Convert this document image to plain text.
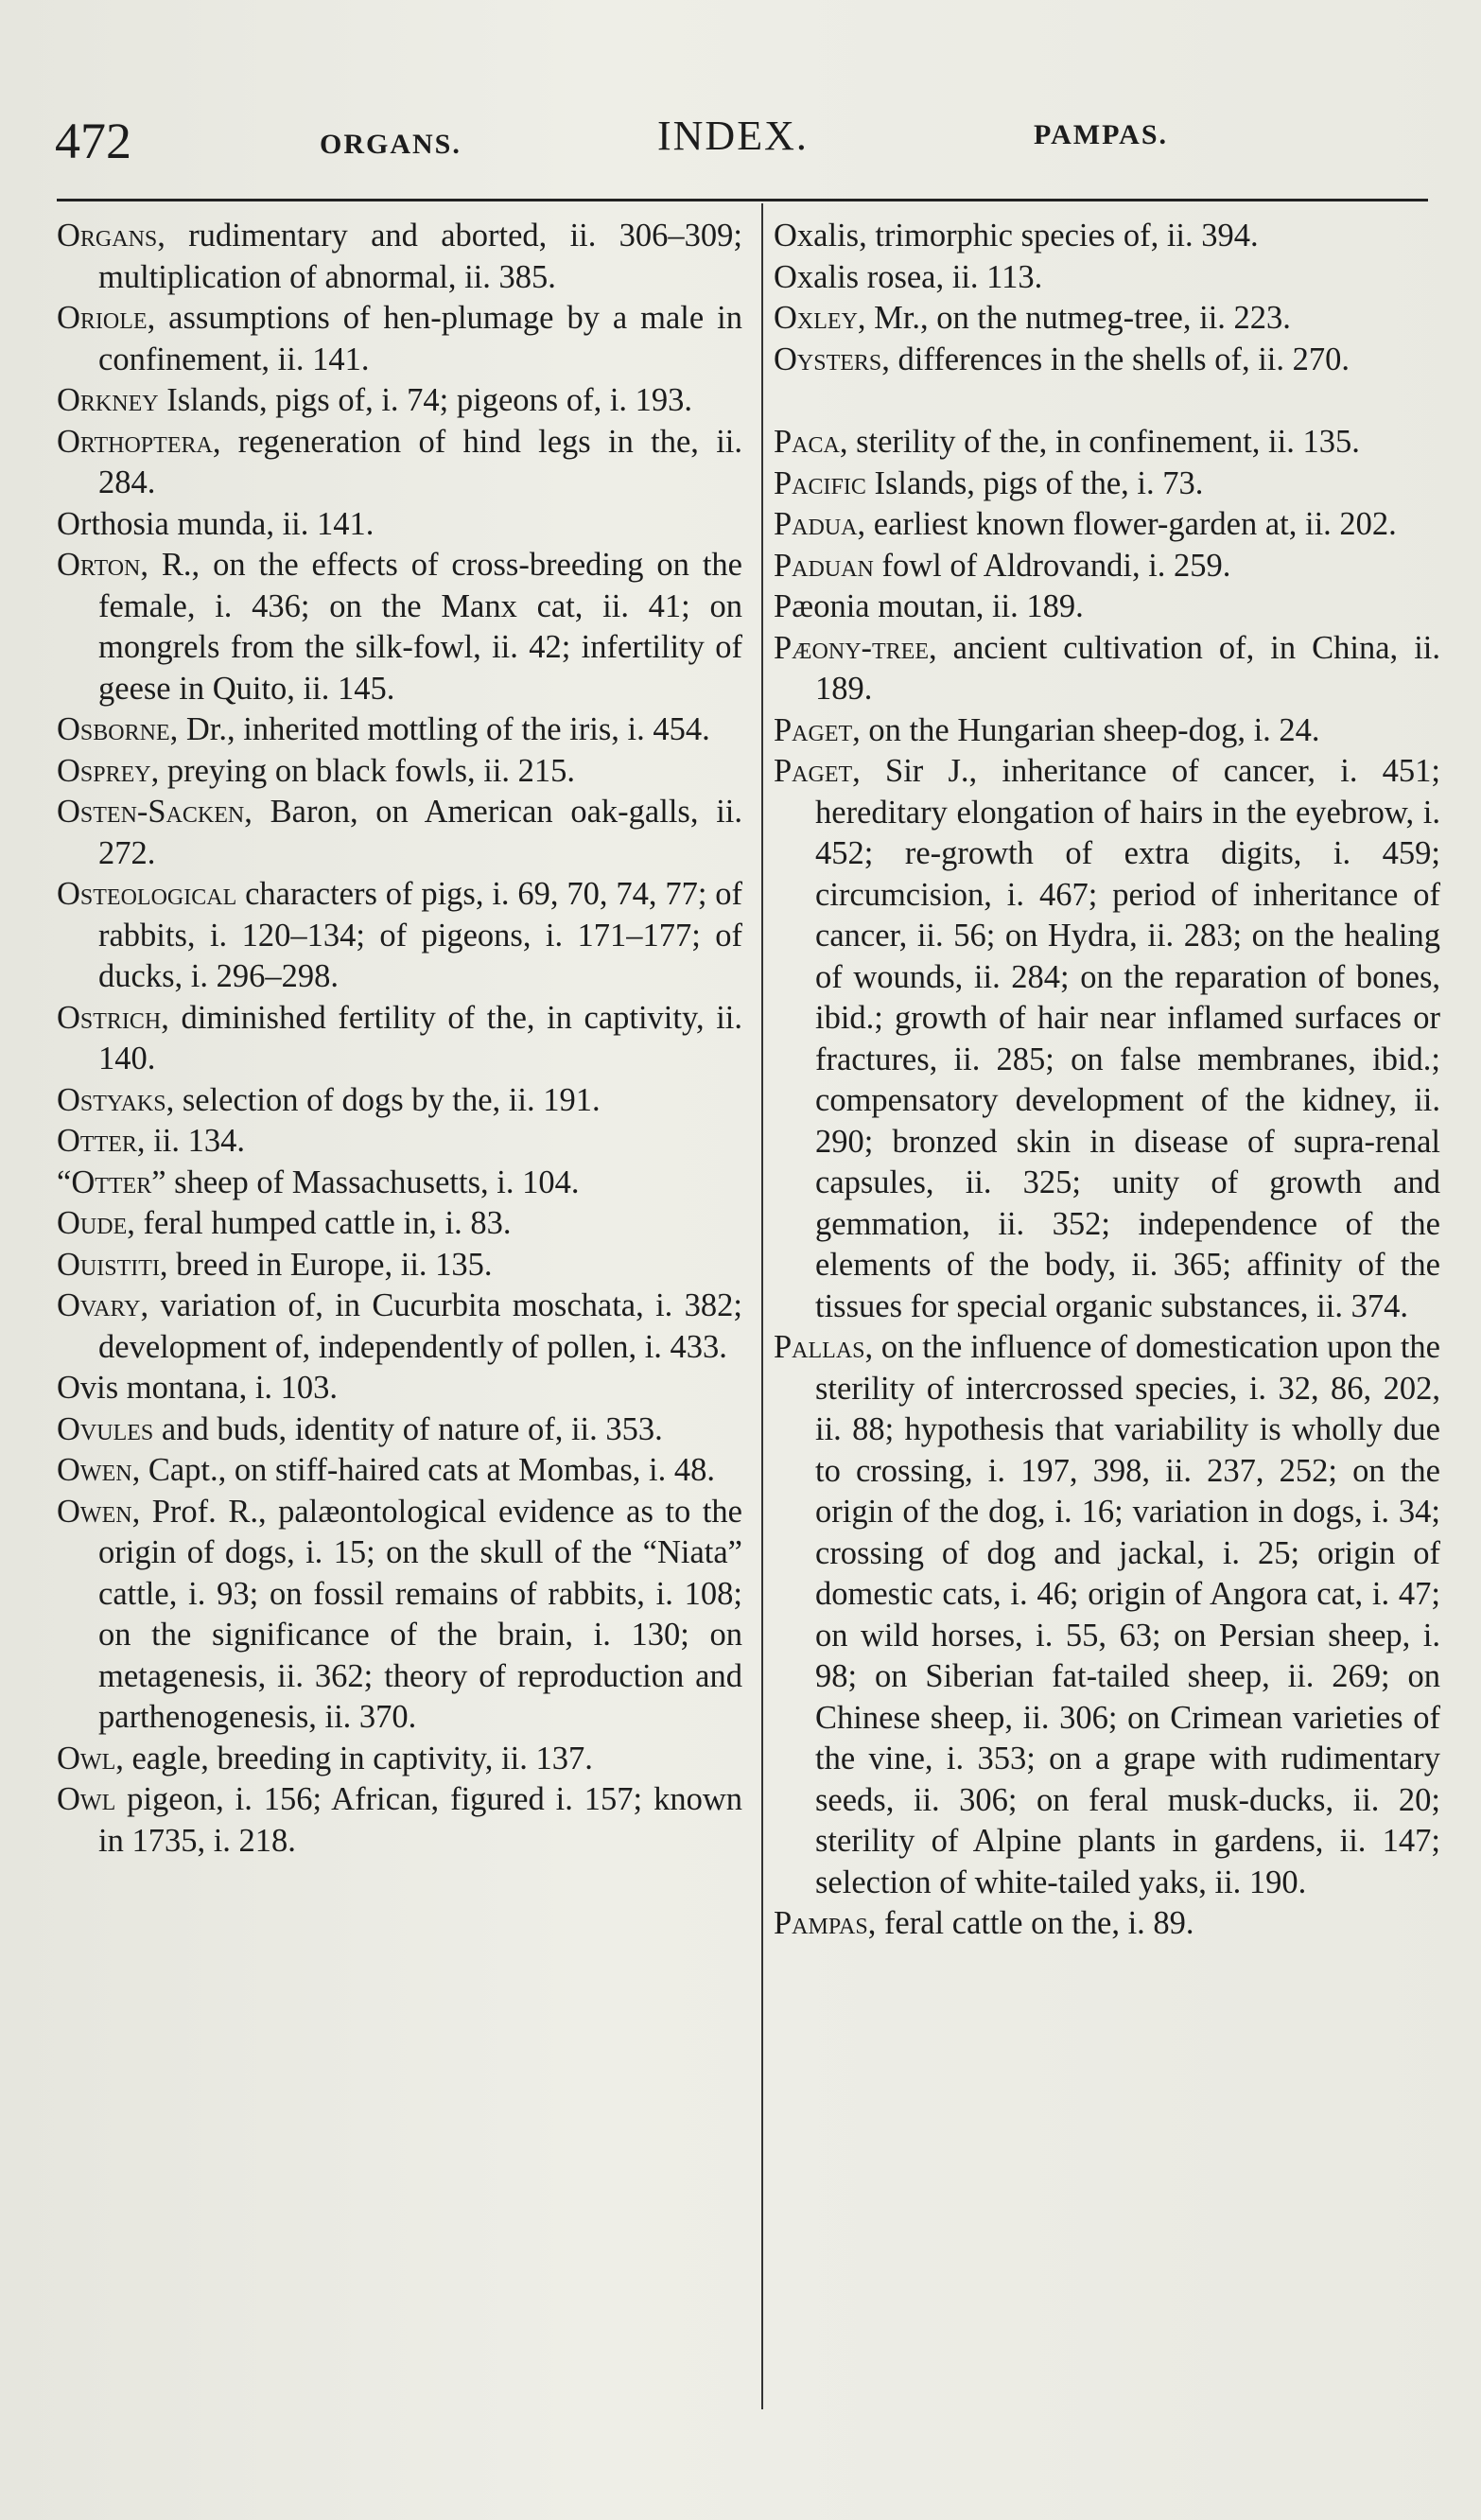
472	ORGANS.	INDEX.	PAMPAS.

Organs, rudimentary and aborted, ii. 306–309; multiplication of abnormal, ii. 385.

Oriole, assumptions of hen-plumage by a male in confinement, ii. 141.

Orkney Islands, pigs of, i. 74; pigeons of, i. 193.

Orthoptera, regeneration of hind legs in the, ii. 284.

Orthosia munda, ii. 141.

Orton, R., on the effects of cross-breeding on the female, i. 436; on the Manx cat, ii. 41; on mongrels from the silk-fowl, ii. 42; infertility of geese in Quito, ii. 145.

Osborne, Dr., inherited mottling of the iris, i. 454.

Osprey, preying on black fowls, ii. 215.

Osten-Sacken, Baron, on American oak-galls, ii. 272.

Osteological characters of pigs, i. 69, 70, 74, 77; of rabbits, i. 120–134; of pigeons, i. 171–177; of ducks, i. 296–298.

Ostrich, diminished fertility of the, in captivity, ii. 140.

Ostyaks, selection of dogs by the, ii. 191.

Otter, ii. 134.

“Otter” sheep of Massachusetts, i. 104.

Oude, feral humped cattle in, i. 83.

Ouistiti, breed in Europe, ii. 135.

Ovary, variation of, in Cucurbita moschata, i. 382; development of, independently of pollen, i. 433.

Ovis montana, i. 103.

Ovules and buds, identity of nature of, ii. 353.

Owen, Capt., on stiff-haired cats at Mombas, i. 48.

Owen, Prof. R., palæontological evidence as to the origin of dogs, i. 15; on the skull of the “Niata” cattle, i. 93; on fossil remains of rabbits, i. 108; on the significance of the brain, i. 130; on metagenesis, ii. 362; theory of reproduction and parthenogenesis, ii. 370.

Owl, eagle, breeding in captivity, ii. 137.

Owl pigeon, i. 156; African, figured i. 157; known in 1735, i. 218.

Oxalis, trimorphic species of, ii. 394.

Oxalis rosea, ii. 113.

Oxley, Mr., on the nutmeg-tree, ii. 223.

Oysters, differences in the shells of, ii. 270.

Paca, sterility of the, in confinement, ii. 135.

Pacific Islands, pigs of the, i. 73.

Padua, earliest known flower-garden at, ii. 202.

Paduan fowl of Aldrovandi, i. 259.

Pæonia moutan, ii. 189.

Pæony-tree, ancient cultivation of, in China, ii. 189.

Paget, on the Hungarian sheep-dog, i. 24.

Paget, Sir J., inheritance of cancer, i. 451; hereditary elongation of hairs in the eyebrow, i. 452; re-growth of extra digits, i. 459; circumcision, i. 467; period of inheritance of cancer, ii. 56; on Hydra, ii. 283; on the healing of wounds, ii. 284; on the reparation of bones, ibid.; growth of hair near inflamed surfaces or fractures, ii. 285; on false membranes, ibid.; compensatory development of the kidney, ii. 290; bronzed skin in disease of supra-renal capsules, ii. 325; unity of growth and gemmation, ii. 352; independence of the elements of the body, ii. 365; affinity of the tissues for special organic substances, ii. 374.

Pallas, on the influence of domestication upon the sterility of intercrossed species, i. 32, 86, 202, ii. 88; hypothesis that variability is wholly due to crossing, i. 197, 398, ii. 237, 252; on the origin of the dog, i. 16; variation in dogs, i. 34; crossing of dog and jackal, i. 25; origin of domestic cats, i. 46; origin of Angora cat, i. 47; on wild horses, i. 55, 63; on Persian sheep, i. 98; on Siberian fat-tailed sheep, ii. 269; on Chinese sheep, ii. 306; on Crimean varieties of the vine, i. 353; on a grape with rudimentary seeds, ii. 306; on feral musk-ducks, ii. 20; sterility of Alpine plants in gardens, ii. 147; selection of white-tailed yaks, ii. 190.

Pampas, feral cattle on the, i. 89.
